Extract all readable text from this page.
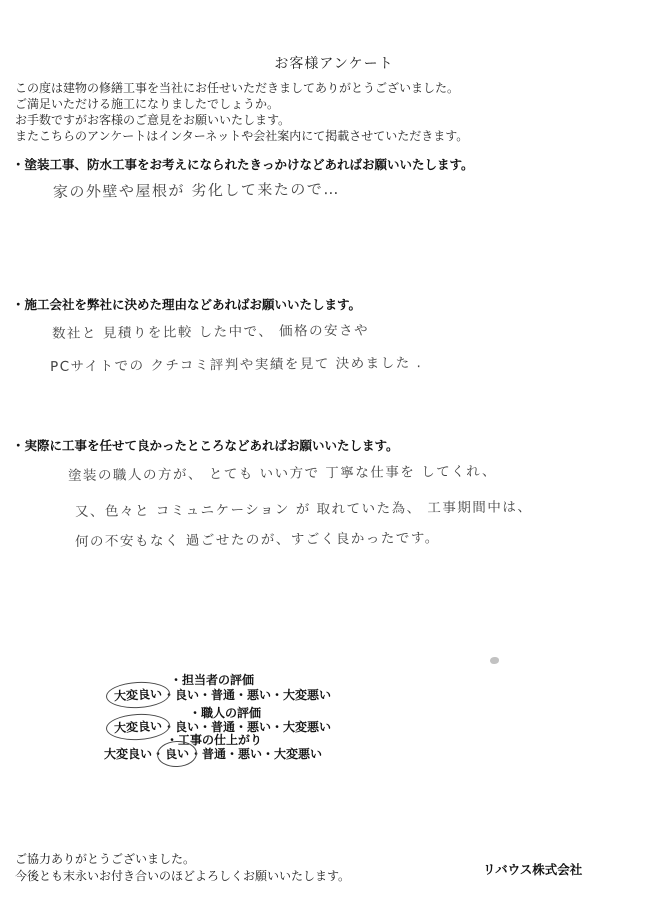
お客様アンケート
この度は建物の修繕工事を当社にお任せいただきましてありがとうございました。
ご満足いただける施工になりましたでしょうか。
お手数ですがお客様のご意見をお願いいたします。
またこちらのアンケートはインターネットや会社案内にて掲載させていただきます。
・塗装工事、防水工事をお考えになられたきっかけなどあればお願いいたします。
家の外壁や屋根が 劣化して来たので…
・施工会社を弊社に決めた理由などあればお願いいたします。
数社と 見積りを比較 した中で、 価格の安さや
PCサイトでの クチコミ評判や実績を見て 決めました .
・実際に工事を任せて良かったところなどあればお願いいたします。
塗装の職人の方が、 とても いい方で 丁寧な仕事を してくれ、
又、色々と コミュニケーション が 取れていた為、 工事期間中は、
何の不安もなく 過ごせたのが、すごく良かったです。
・担当者の評価
大変良い・良い・普通・悪い・大変悪い
・職人の評価
大変良い・良い・普通・悪い・大変悪い
・工事の仕上がり
大変良い・良い・普通・悪い・大変悪い
ご協力ありがとうございました。
今後とも末永いお付き合いのほどよろしくお願いいたします。	リバウス株式会社
